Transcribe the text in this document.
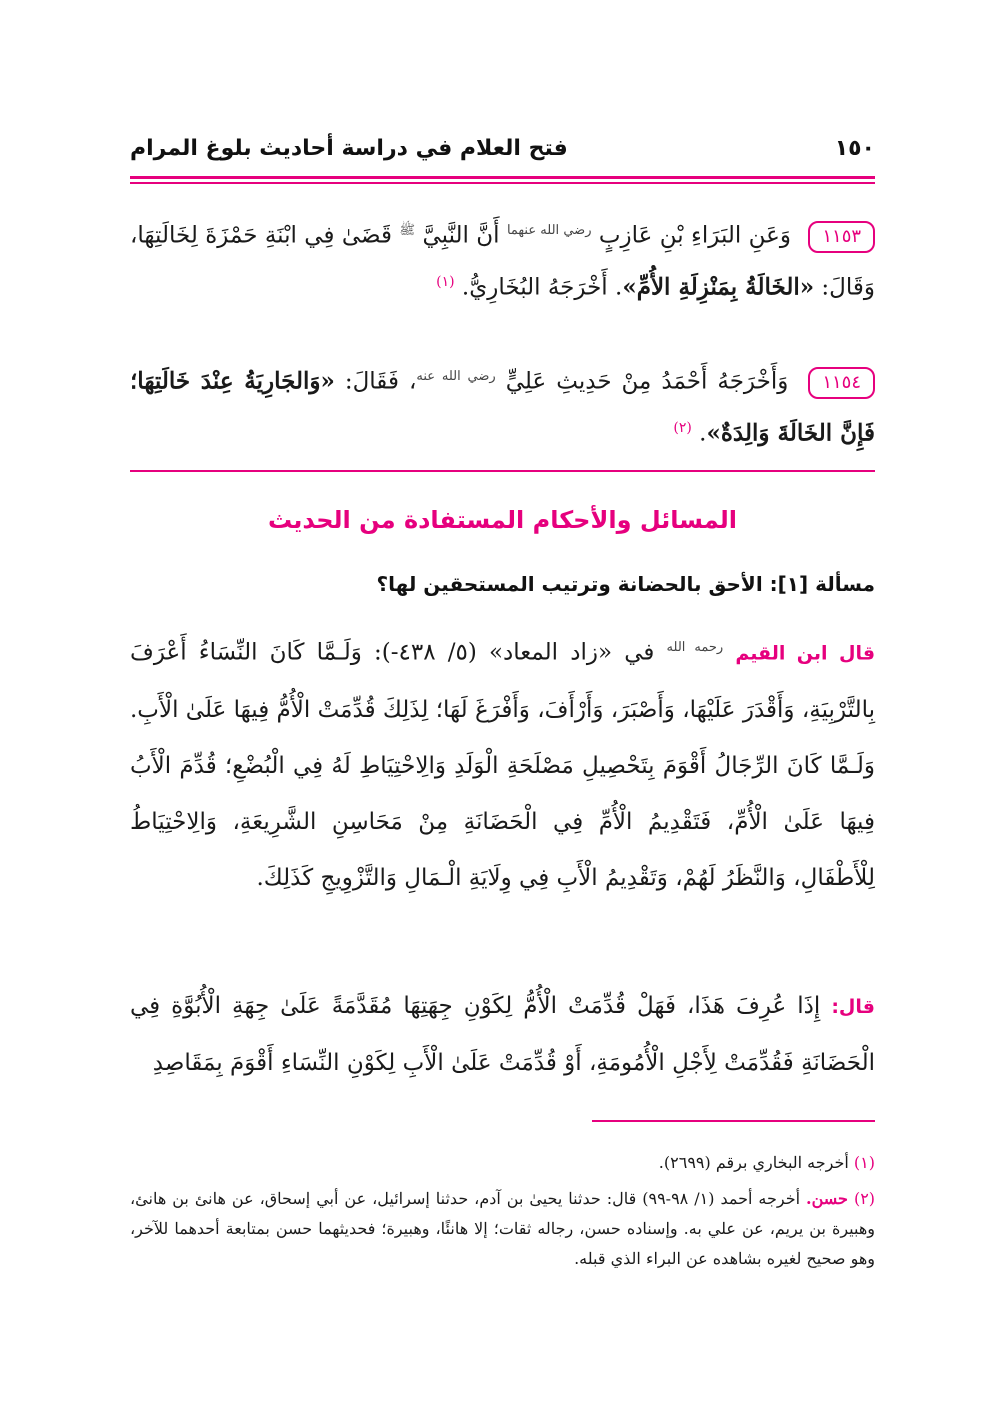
١٥٠
فتح العلام في دراسة أحاديث بلوغ المرام
١١٥٣ وَعَنِ البَرَاءِ بْنِ عَازِبٍ $^{رضي الله عنهما}$ أَنَّ النَّبِيَّ $^ﷺ$ قَضَىٰ فِي ابْنَةِ حَمْزَةَ لِخَالَتِهَا، وَقَالَ: «الخَالَةُ بِمَنْزِلَةِ الأُمِّ». أَخْرَجَهُ البُخَارِيُّ. $^{(١)}$
١١٥٤ وَأَخْرَجَهُ أَحْمَدُ مِنْ حَدِيثِ عَلِيٍّ $^{رضي الله عنه}$، فَقَالَ: «وَالجَارِيَةُ عِنْدَ خَالَتِهَا؛ فَإِنَّ الخَالَةَ وَالِدَةٌ». $^{(٢)}$
المسائل والأحكام المستفادة من الحديث
مسألة [١]: الأحق بالحضانة وترتيب المستحقين لها؟
قال ابن القيم $^{رحمه الله}$ في «زاد المعاد» (٥/ ٤٣٨-): وَلَـمَّا كَانَ النِّسَاءُ أَعْرَفَ بِالتَّرْبِيَةِ، وَأَقْدَرَ عَلَيْهَا، وَأَصْبَرَ، وَأَرْأَفَ، وَأَفْرَغَ لَهَا؛ لِذَلِكَ قُدِّمَتْ الْأُمُّ فِيهَا عَلَىٰ الْأَبِ. وَلَـمَّا كَانَ الرِّجَالُ أَقْوَمَ بِتَحْصِيلِ مَصْلَحَةِ الْوَلَدِ وَالِاحْتِيَاطِ لَهُ فِي الْبُضْعِ؛ قُدِّمَ الْأَبُ فِيهَا عَلَىٰ الْأُمِّ، فَتَقْدِيمُ الْأُمِّ فِي الْحَضَانَةِ مِنْ مَحَاسِنِ الشَّرِيعَةِ، وَالِاحْتِيَاطُ لِلْأَطْفَالِ، وَالنَّظَرُ لَهُمْ، وَتَقْدِيمُ الْأَبِ فِي وِلَايَةِ الْـمَالِ وَالتَّزْوِيجِ كَذَلِكَ.
قال: إِذَا عُرِفَ هَذَا، فَهَلْ قُدِّمَتْ الْأُمُّ لِكَوْنِ جِهَتِهَا مُقَدَّمَةً عَلَىٰ جِهَةِ الْأُبُوَّةِ فِي الْحَضَانَةِ فَقُدِّمَتْ لِأَجْلِ الْأُمُومَةِ، أَوْ قُدِّمَتْ عَلَىٰ الْأَبِ لِكَوْنِ النِّسَاءِ أَقْوَمَ بِمَقَاصِدِ
(١) أخرجه البخاري برقم (٢٦٩٩).
(٢) حسن. أخرجه أحمد (١/ ٩٨-٩٩) قال: حدثنا يحيىٰ بن آدم، حدثنا إسرائيل، عن أبي إسحاق، عن هانئ بن هانئ، وهبيرة بن يريم، عن علي به. وإسناده حسن، رجاله ثقات؛ إلا هانئًا، وهبيرة؛ فحديثهما حسن بمتابعة أحدهما للآخر، وهو صحيح لغيره بشاهده عن البراء الذي قبله.
